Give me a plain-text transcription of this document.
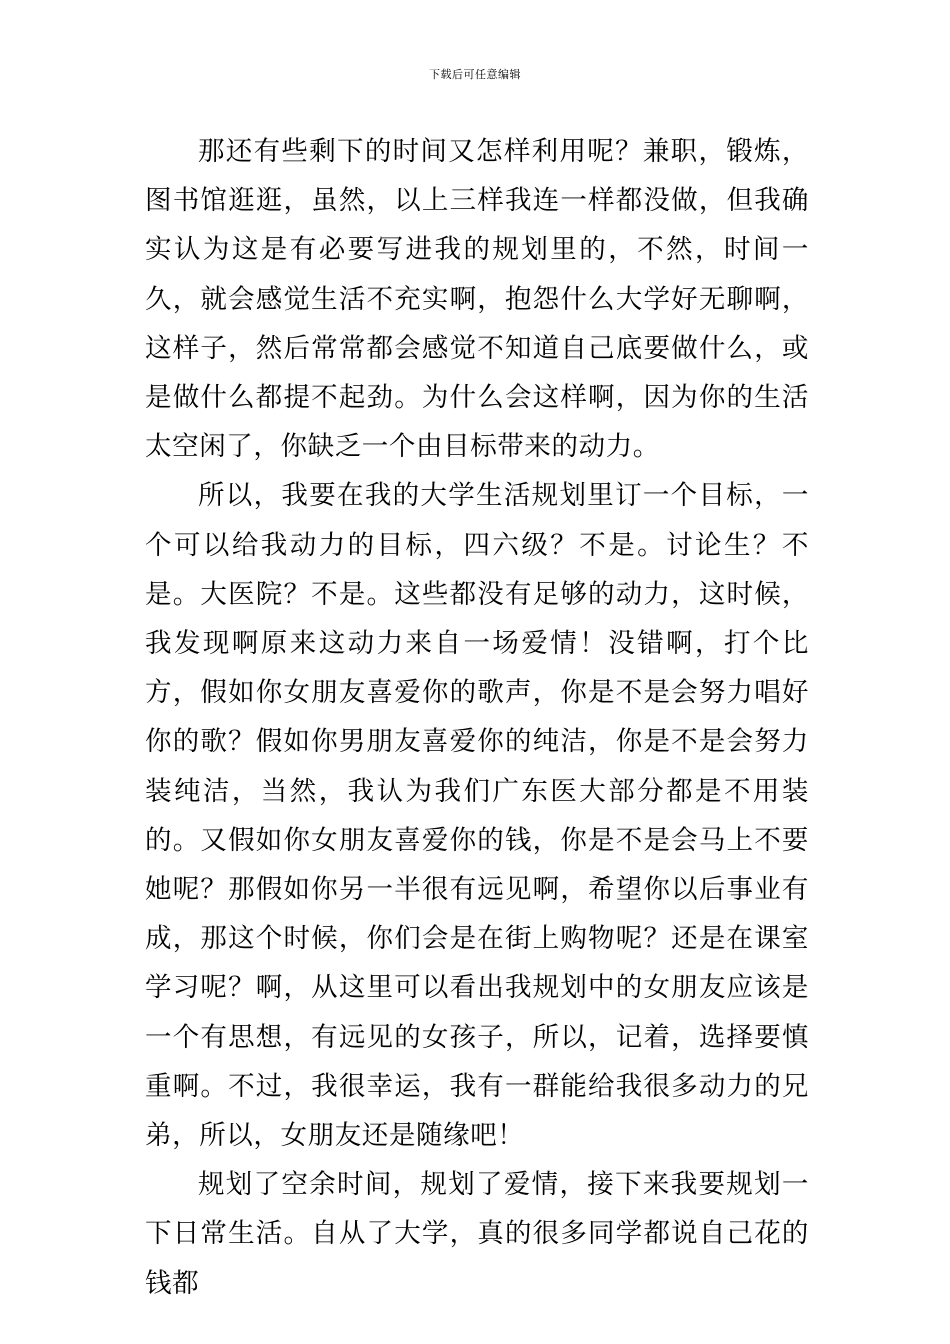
下载后可任意编辑

那还有些剩下的时间又怎样利用呢？兼职，锻炼，图书馆逛逛，虽然，以上三样我连一样都没做，但我确实认为这是有必要写进我的规划里的，不然，时间一久，就会感觉生活不充实啊，抱怨什么大学好无聊啊，这样子，然后常常都会感觉不知道自己底要做什么，或是做什么都提不起劲。为什么会这样啊，因为你的生活太空闲了，你缺乏一个由目标带来的动力。

所以，我要在我的大学生活规划里订一个目标，一个可以给我动力的目标，四六级？不是。讨论生？不是。大医院？不是。这些都没有足够的动力，这时候，我发现啊原来这动力来自一场爱情！没错啊，打个比方，假如你女朋友喜爱你的歌声，你是不是会努力唱好你的歌？假如你男朋友喜爱你的纯洁，你是不是会努力装纯洁，当然，我认为我们广东医大部分都是不用装的。又假如你女朋友喜爱你的钱，你是不是会马上不要她呢？那假如你另一半很有远见啊，希望你以后事业有成，那这个时候，你们会是在街上购物呢？还是在课室学习呢？啊，从这里可以看出我规划中的女朋友应该是一个有思想，有远见的女孩子，所以，记着，选择要慎重啊。不过，我很幸运，我有一群能给我很多动力的兄弟，所以，女朋友还是随缘吧！

规划了空余时间，规划了爱情，接下来我要规划一下日常生活。自从了大学，真的很多同学都说自己花的钱都
